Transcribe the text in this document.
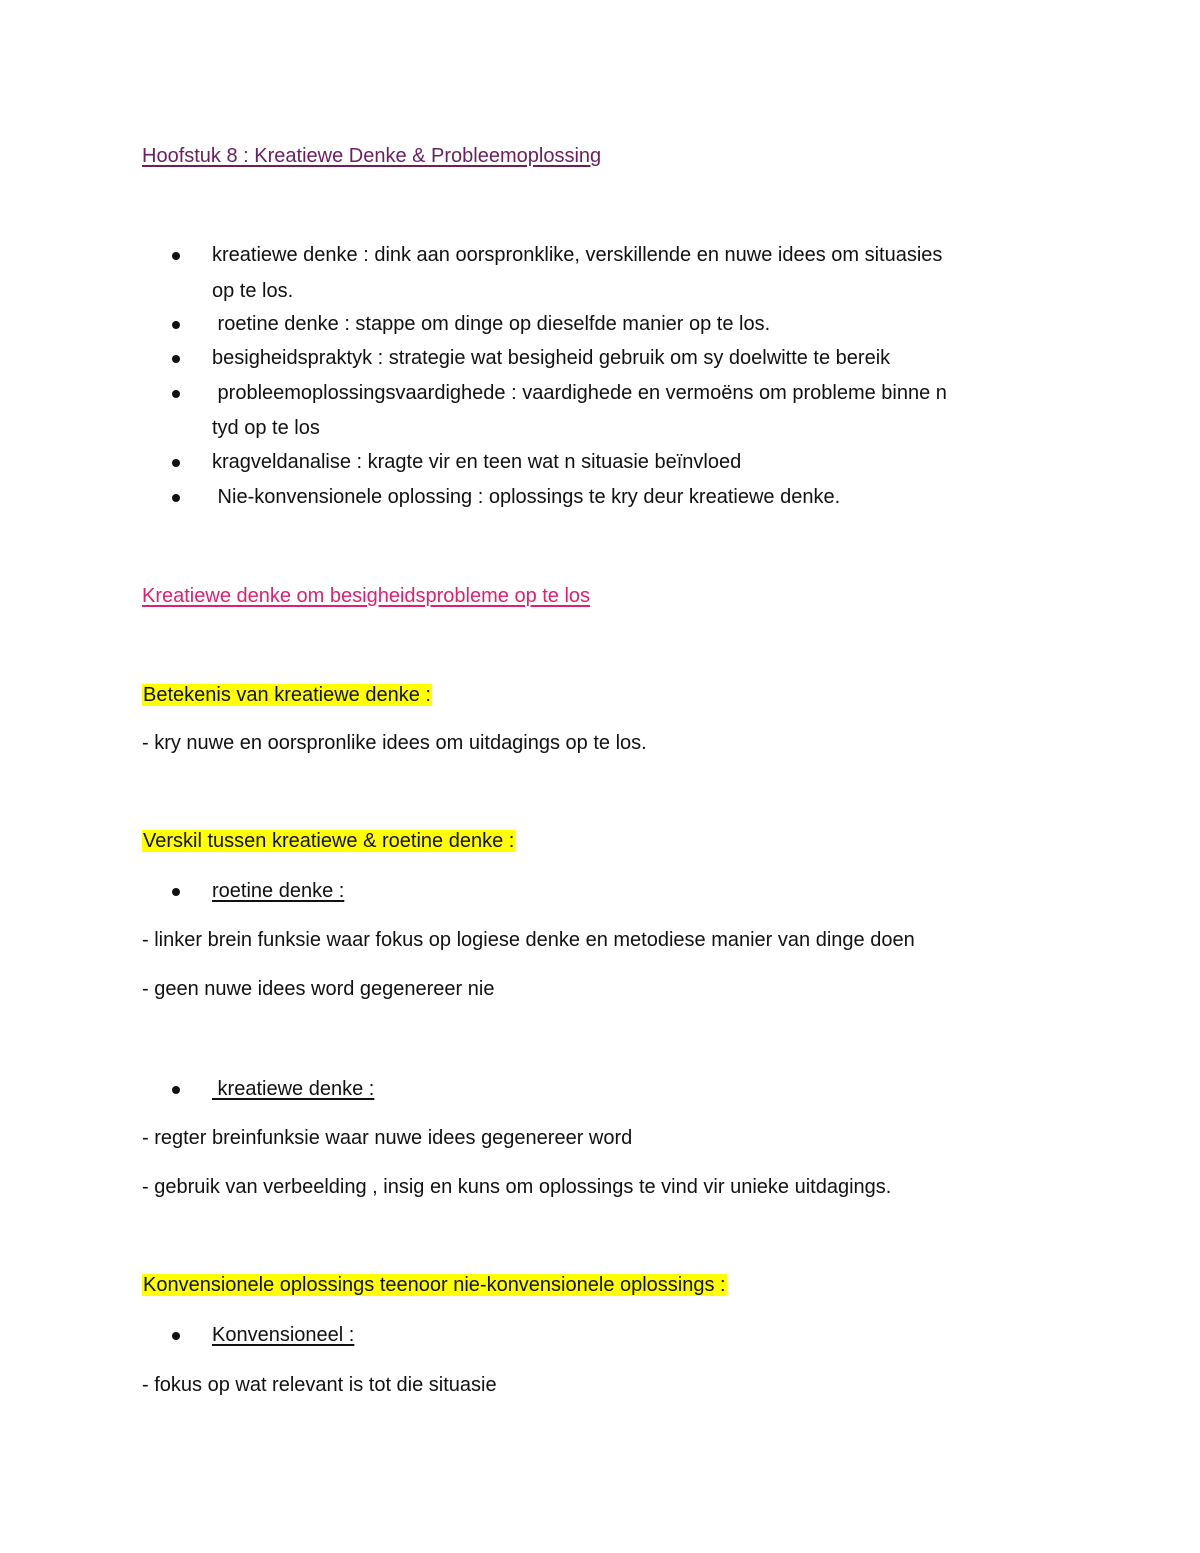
Hoofstuk 8 : Kreatiewe Denke & Probleemoplossing
kreatiewe denke : dink aan oorspronklike, verskillende en nuwe idees om situasies
op te los.
roetine denke : stappe om dinge op dieselfde manier op te los.
besigheidspraktyk : strategie wat besigheid gebruik om sy doelwitte te bereik
probleemoplossingsvaardighede : vaardighede en vermoëns om probleme binne n
tyd op te los
kragveldanalise : kragte vir en teen wat n situasie beïnvloed
Nie-konvensionele oplossing : oplossings te kry deur kreatiewe denke.
Kreatiewe denke om besigheidsprobleme op te los
Betekenis van kreatiewe denke :
- kry nuwe en oorspronlike idees om uitdagings op te los.
Verskil tussen kreatiewe & roetine denke :
roetine denke :
- linker brein funksie waar fokus op logiese denke en metodiese manier van dinge doen
- geen nuwe idees word gegenereer nie
kreatiewe denke :
- regter breinfunksie waar nuwe idees gegenereer word
- gebruik van verbeelding , insig en kuns om oplossings te vind vir unieke uitdagings.
Konvensionele oplossings teenoor nie-konvensionele oplossings :
Konvensioneel :
- fokus op wat relevant is tot die situasie
